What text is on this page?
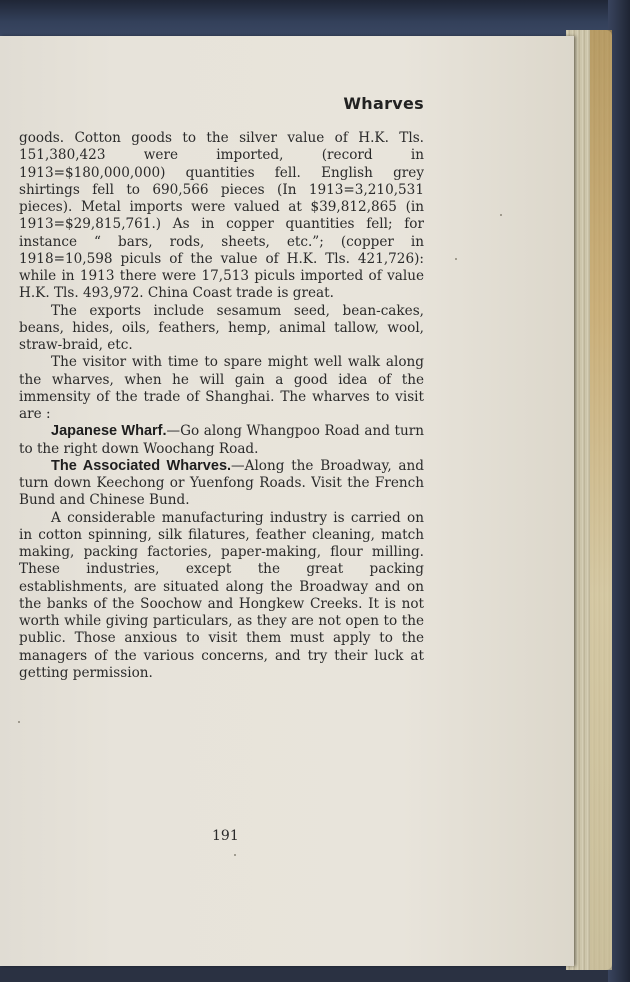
Wharves

goods. Cotton goods to the silver value of H.K. Tls. 151,380,423 were imported, (record in 1913=$180,000,000) quantities fell. English grey shirtings fell to 690,566 pieces (In 1913=3,210,531 pieces). Metal imports were valued at $39,812,865 (in 1913=$29,815,761.) As in copper quantities fell; for instance “ bars, rods, sheets, etc.”; (copper in 1918=10,598 piculs of the value of H.K. Tls. 421,726): while in 1913 there were 17,513 piculs imported of value H.K. Tls. 493,972. China Coast trade is great.

The exports include sesamum seed, bean-cakes, beans, hides, oils, feathers, hemp, animal tallow, wool, straw-braid, etc.

The visitor with time to spare might well walk along the wharves, when he will gain a good idea of the immensity of the trade of Shanghai. The wharves to visit are :

Japanese Wharf.—Go along Whangpoo Road and turn to the right down Woochang Road.

The Associated Wharves.—Along the Broadway, and turn down Keechong or Yuenfong Roads. Visit the French Bund and Chinese Bund.

A considerable manufacturing industry is carried on in cotton spinning, silk filatures, feather cleaning, match making, packing factories, paper-making, flour milling. These industries, except the great packing establishments, are situated along the Broadway and on the banks of the Soochow and Hongkew Creeks. It is not worth while giving particulars, as they are not open to the public. Those anxious to visit them must apply to the managers of the various concerns, and try their luck at getting permission.

191
